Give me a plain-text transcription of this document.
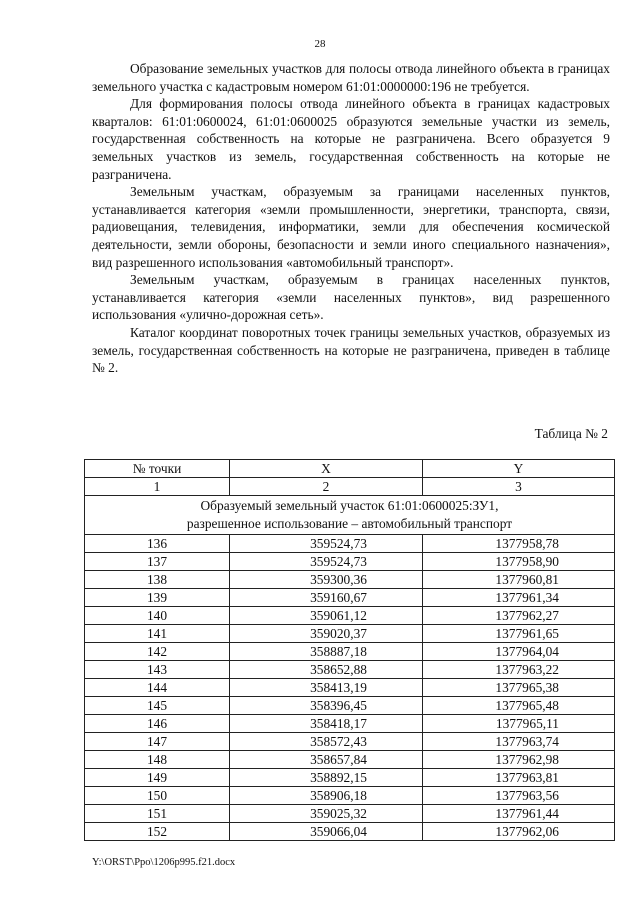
28

Образование земельных участков для полосы отвода линейного объекта в границах земельного участка с кадастровым номером 61:01:0000000:196 не требуется.

Для формирования полосы отвода линейного объекта в границах кадастровых кварталов: 61:01:0600024, 61:01:0600025 образуются земельные участки из земель, государственная собственность на которые не разграничена. Всего образуется 9 земельных участков из земель, государственная собственность на которые не разграничена.

Земельным участкам, образуемым за границами населенных пунктов, устанавливается категория «земли промышленности, энергетики, транспорта, связи, радиовещания, телевидения, информатики, земли для обеспечения космической деятельности, земли обороны, безопасности и земли иного специального назначения», вид разрешенного использования «автомобильный транспорт».

Земельным участкам, образуемым в границах населенных пунктов, устанавливается категория «земли населенных пунктов», вид разрешенного использования «улично-дорожная сеть».

Каталог координат поворотных точек границы земельных участков, образуемых из земель, государственная собственность на которые не разграничена, приведен в таблице № 2.

Таблица № 2
№ точки	X	Y
1	2	3
Образуемый земельный участок 61:01:0600025:ЗУ1,
разрешенное использование – автомобильный транспорт		
136	359524,73	1377958,78
137	359524,73	1377958,90
138	359300,36	1377960,81
139	359160,67	1377961,34
140	359061,12	1377962,27
141	359020,37	1377961,65
142	358887,18	1377964,04
143	358652,88	1377963,22
144	358413,19	1377965,38
145	358396,45	1377965,48
146	358418,17	1377965,11
147	358572,43	1377963,74
148	358657,84	1377962,98
149	358892,15	1377963,81
150	358906,18	1377963,56
151	359025,32	1377961,44
152	359066,04	1377962,06
Y:\ORST\Ppo\1206p995.f21.docx
